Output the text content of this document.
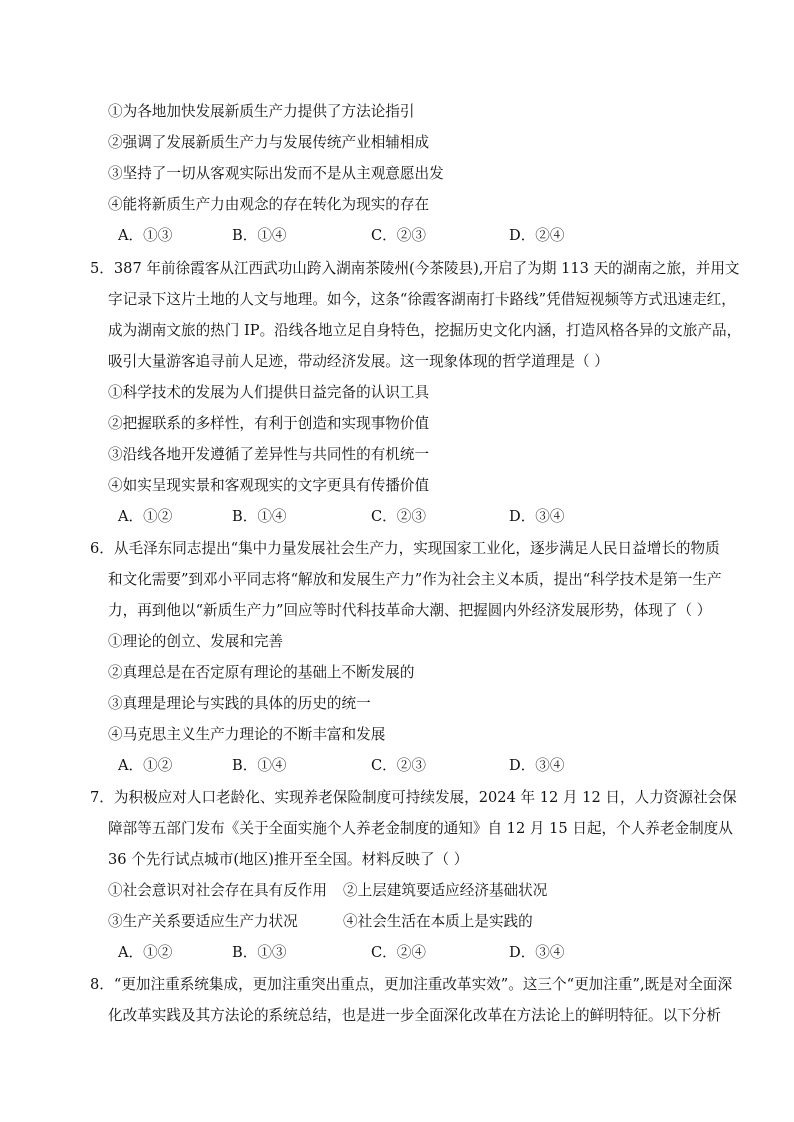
①为各地加快发展新质生产力提供了方法论指引
②强调了发展新质生产力与发展传统产业相辅相成
③坚持了一切从客观实际出发而不是从主观意愿出发
④能将新质生产力由观念的存在转化为现实的存在
A．①③	B．①④	C．②③	D．②④
5．387 年前徐霞客从江西武功山跨入湖南茶陵州(今茶陵县),开启了为期 113 天的湖南之旅，并用文
字记录下这片土地的人文与地理。如今，这条“徐霞客湖南打卡路线”凭借短视频等方式迅速走红，
成为湖南文旅的热门 IP。沿线各地立足自身特色，挖掘历史文化内涵，打造风格各异的文旅产品，
吸引大量游客追寻前人足迹，带动经济发展。这一现象体现的哲学道理是（ ）
①科学技术的发展为人们提供日益完备的认识工具
②把握联系的多样性，有利于创造和实现事物价值
③沿线各地开发遵循了差异性与共同性的有机统一
④如实呈现实景和客观现实的文字更具有传播价值
A．①②	B．①④	C．②③	D．③④
6．从毛泽东同志提出“集中力量发展社会生产力，实现国家工业化，逐步满足人民日益增长的物质
和文化需要”到邓小平同志将“解放和发展生产力”作为社会主义本质，提出“科学技术是第一生产
力，再到他以“新质生产力”回应等时代科技革命大潮、把握圆内外经济发展形势，体现了（ ）
①理论的创立、发展和完善
②真理总是在否定原有理论的基础上不断发展的
③真理是理论与实践的具体的历史的统一
④马克思主义生产力理论的不断丰富和发展
A．①②	B．①④	C．②③	D．③④
7．为积极应对人口老龄化、实现养老保险制度可持续发展，2024 年 12 月 12 日，人力资源社会保
障部等五部门发布《关于全面实施个人养老金制度的通知》自 12 月 15 日起，个人养老金制度从
36 个先行试点城市(地区)推开至全国。材料反映了（ ）
①社会意识对社会存在具有反作用 ②上层建筑要适应经济基础状况
③生产关系要适应生产力状况	④社会生活在本质上是实践的
A．①②	B．①③	C．②④	D．③④
8．“更加注重系统集成，更加注重突出重点，更加注重改革实效”。这三个“更加注重”,既是对全面深
化改革实践及其方法论的系统总结，也是进一步全面深化改革在方法论上的鲜明特征。以下分析
